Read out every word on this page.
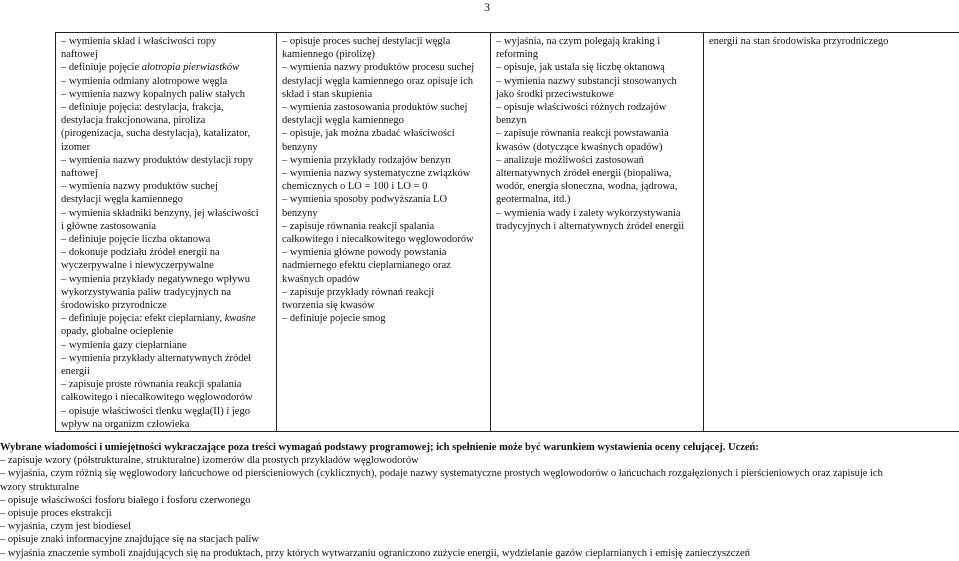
3
– wymienia skład i właściwości ropy
naftowej
– definiuje pojęcie alotropia pierwiastków
– wymienia odmiany alotropowe węgla
– wymienia nazwy kopalnych paliw stałych
– definiuje pojęcia: destylacja, frakcja,
destylacja frakcjonowana, piroliza
(pirogenizacja, sucha destylacja), katalizator,
izomer
– wymienia nazwy produktów destylacji ropy
naftowej
– wymienia nazwy produktów suchej
destylacji węgla kamiennego
– wymienia składniki benzyny, jej właściwości
i główne zastosowania
– definiuje pojęcie liczba oktanowa
– dokonuje podziału źródeł energii na
wyczerpywalne i niewyczerpywalne
– wymienia przykłady negatywnego wpływu
wykorzystywania paliw tradycyjnych na
środowisko przyrodnicze
– definiuje pojęcia: efekt cieplarniany, kwaśne
opady, globalne ocieplenie
– wymienia gazy cieplarniane
– wymienia przykłady alternatywnych źródeł
energii
– zapisuje proste równania reakcji spalania
całkowitego i niecałkowitego węglowodorów
– opisuje właściwości tlenku węgla(II) i jego
wpływ na organizm człowieka

– opisuje proces suchej destylacji węgla
kamiennego (pirolizę)
– wymienia nazwy produktów procesu suchej
destylacji węgla kamiennego oraz opisuje ich
skład i stan skupienia
– wymienia zastosowania produktów suchej
destylacji węgla kamiennego
– opisuje, jak można zbadać właściwości
benzyny
– wymienia przykłady rodzajów benzyn
– wymienia nazwy systematyczne związków
chemicznych o LO = 100 i LO = 0
– wymienia sposoby podwyższania LO
benzyny
– zapisuje równania reakcji spalania
całkowitego i niecałkowitego węglowodorów
– wymienia główne powody powstania
nadmiernego efektu cieplarnianego oraz
kwaśnych opadów
– zapisuje przykłady równań reakcji
tworzenia się kwasów
– definiuje pojecie smog

– wyjaśnia, na czym polegają kraking i
reforming
– opisuje, jak ustala się liczbę oktanową
– wymienia nazwy substancji stosowanych
jako środki przeciwstukowe
– opisuje właściwości różnych rodzajów
benzyn
– zapisuje równania reakcji powstawania
kwasów (dotyczące kwaśnych opadów)
– analizuje możliwości zastosowań
alternatywnych źródeł energii (biopaliwa,
wodór, energia słoneczna, wodna, jądrowa,
geotermalna, itd.)
– wymienia wady i zalety wykorzystywania
tradycyjnych i alternatywnych źródeł energii

energii na stan środowiska przyrodniczego
Wybrane wiadomości i umiejętności wykraczające poza treści wymagań podstawy programowej; ich spełnienie może być warunkiem wystawienia oceny celującej. Uczeń:
– zapisuje wzory (półstrukturalne, strukturalne) izomerów dla prostych przykładów węglowodorów
– wyjaśnia, czym różnią się węglowodory łańcuchowe od pierścieniowych (cyklicznych), podaje nazwy systematyczne prostych węglowodorów o łańcuchach rozgałęzionych i pierścieniowych oraz zapisuje ich
wzory strukturalne
– opisuje właściwości fosforu białego i fosforu czerwonego
– opisuje proces ekstrakcji
– wyjaśnia, czym jest biodiesel
– opisuje znaki informacyjne znajdujące się na stacjach paliw
– wyjaśnia znaczenie symboli znajdujących się na produktach, przy których wytwarzaniu ograniczono zużycie energii, wydzielanie gazów cieplarnianych i emisję zanieczyszczeń
